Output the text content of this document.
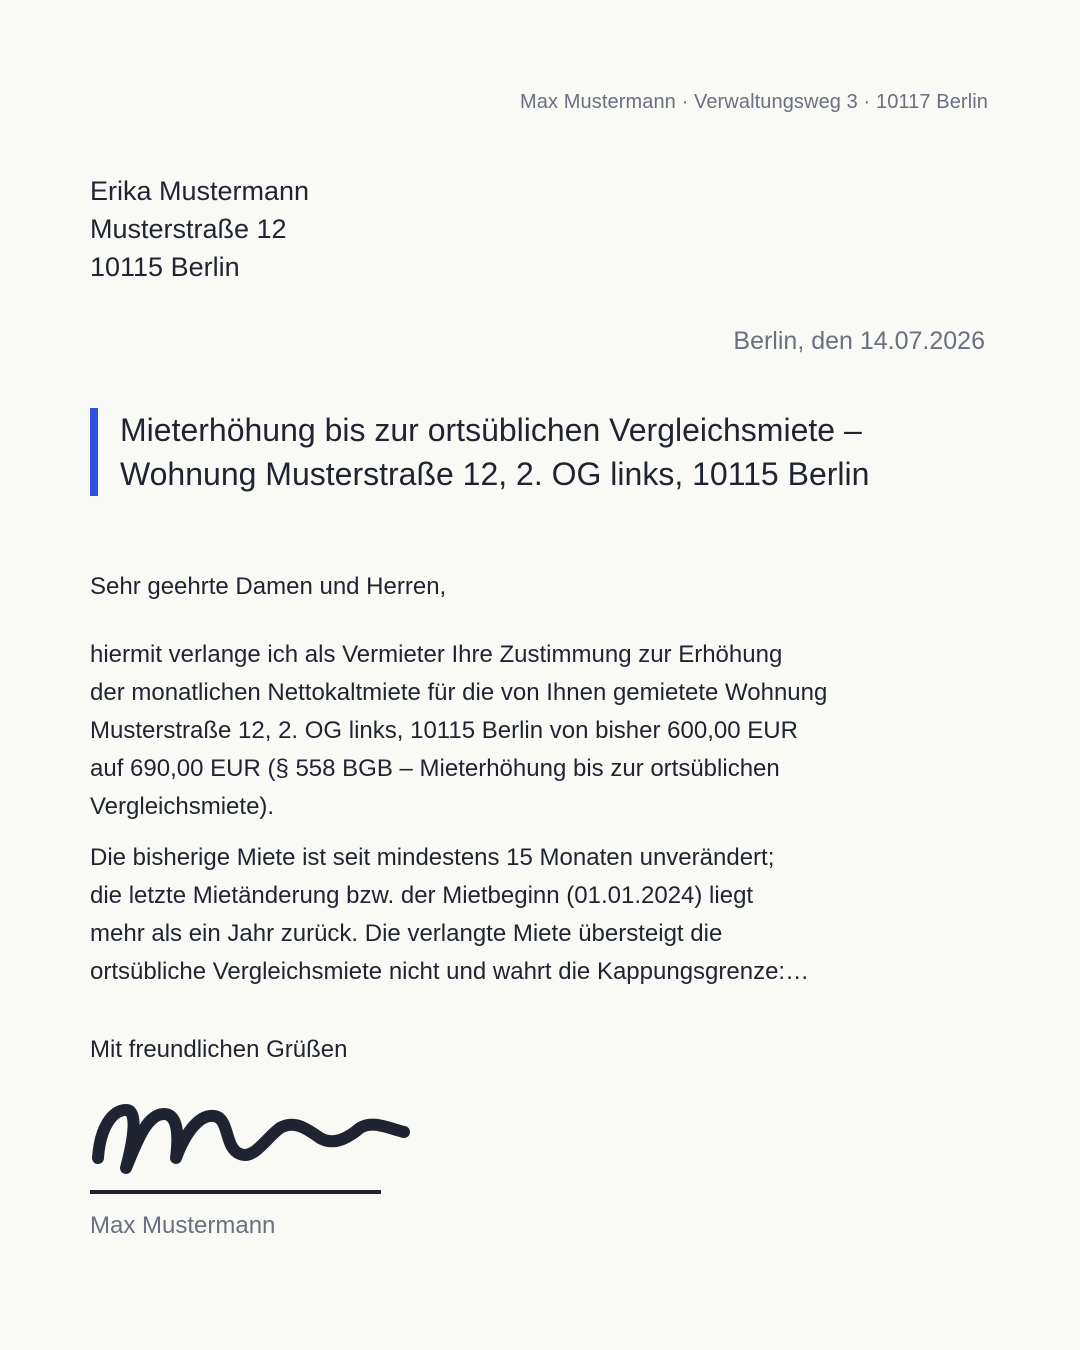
Max Mustermann · Verwaltungsweg 3 · 10117 Berlin
Erika Mustermann
Musterstraße 12
10115 Berlin
Berlin, den 14.07.2026
Mieterhöhung bis zur ortsüblichen Vergleichsmiete – Wohnung Musterstraße 12, 2. OG links, 10115 Berlin
Sehr geehrte Damen und Herren,
hiermit verlange ich als Vermieter Ihre Zustimmung zur Erhöhung
der monatlichen Nettokaltmiete für die von Ihnen gemietete Wohnung
Musterstraße 12, 2. OG links, 10115 Berlin von bisher 600,00 EUR
auf 690,00 EUR (§ 558 BGB – Mieterhöhung bis zur ortsüblichen
Vergleichsmiete).
Die bisherige Miete ist seit mindestens 15 Monaten unverändert;
die letzte Mietänderung bzw. der Mietbeginn (01.01.2024) liegt
mehr als ein Jahr zurück. Die verlangte Miete übersteigt die
ortsübliche Vergleichsmiete nicht und wahrt die Kappungsgrenze:…
Mit freundlichen Grüßen
Max Mustermann
